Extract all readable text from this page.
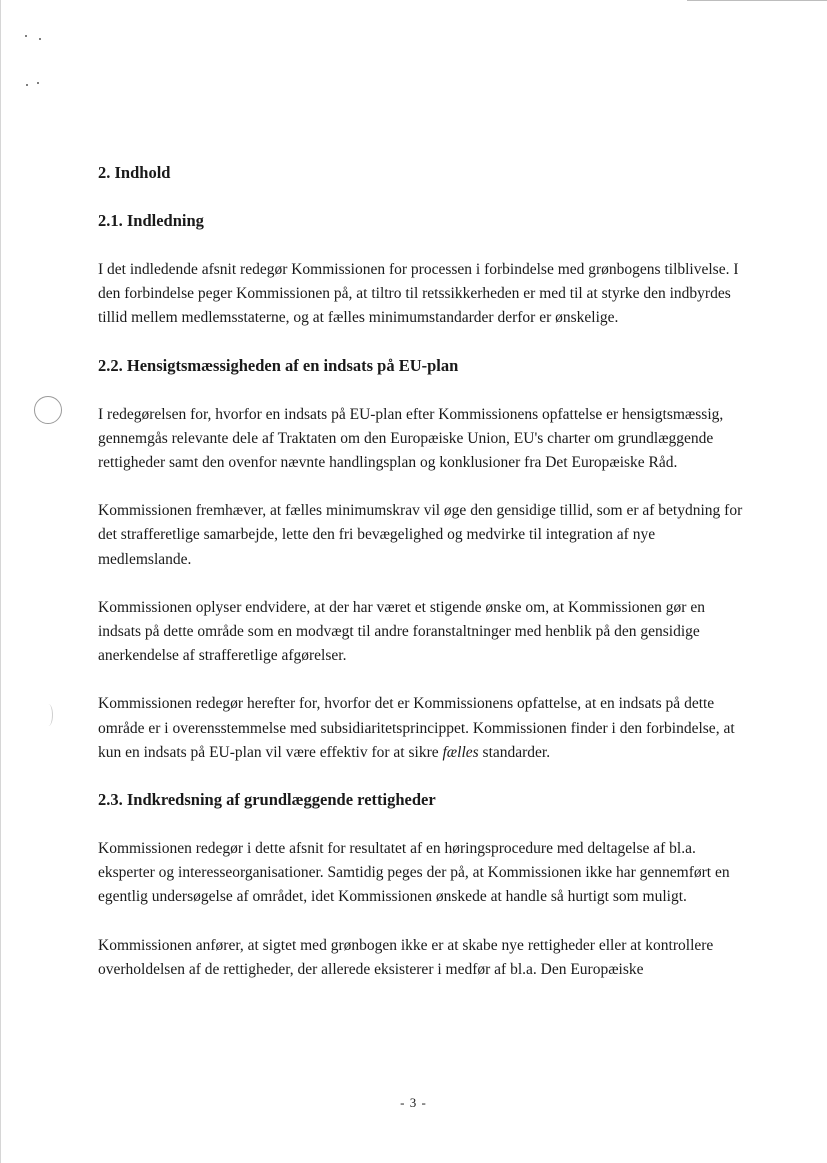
2. Indhold
2.1. Indledning

I det indledende afsnit redegør Kommissionen for processen i forbindelse med grønbogens tilblivelse. I den forbindelse peger Kommissionen på, at tiltro til retssikkerheden er med til at styrke den indbyrdes tillid mellem medlemsstaterne, og at fælles minimumstandarder derfor er ønskelige.

2.2. Hensigtsmæssigheden af en indsats på EU-plan

I redegørelsen for, hvorfor en indsats på EU-plan efter Kommissionens opfattelse er hensigtsmæssig, gennemgås relevante dele af Traktaten om den Europæiske Union, EU's charter om grundlæggende rettigheder samt den ovenfor nævnte handlingsplan og konklusioner fra Det Europæiske Råd.

Kommissionen fremhæver, at fælles minimumskrav vil øge den gensidige tillid, som er af betydning for det strafferetlige samarbejde, lette den fri bevægelighed og medvirke til integration af nye medlemslande.

Kommissionen oplyser endvidere, at der har været et stigende ønske om, at Kommissionen gør en indsats på dette område som en modvægt til andre foranstaltninger med henblik på den gensidige anerkendelse af strafferetlige afgørelser.

Kommissionen redegør herefter for, hvorfor det er Kommissionens opfattelse, at en indsats på dette område er i overensstemmelse med subsidiaritetsprincippet. Kommissionen finder i den forbindelse, at kun en indsats på EU-plan vil være effektiv for at sikre fælles standarder.

2.3. Indkredsning af grundlæggende rettigheder

Kommissionen redegør i dette afsnit for resultatet af en høringsprocedure med deltagelse af bl.a. eksperter og interesseorganisationer. Samtidig peges der på, at Kommissionen ikke har gennemført en egentlig undersøgelse af området, idet Kommissionen ønskede at handle så hurtigt som muligt.

Kommissionen anfører, at sigtet med grønbogen ikke er at skabe nye rettigheder eller at kontrollere overholdelsen af de rettigheder, der allerede eksisterer i medfør af bl.a. Den Europæiske

- 3 -
